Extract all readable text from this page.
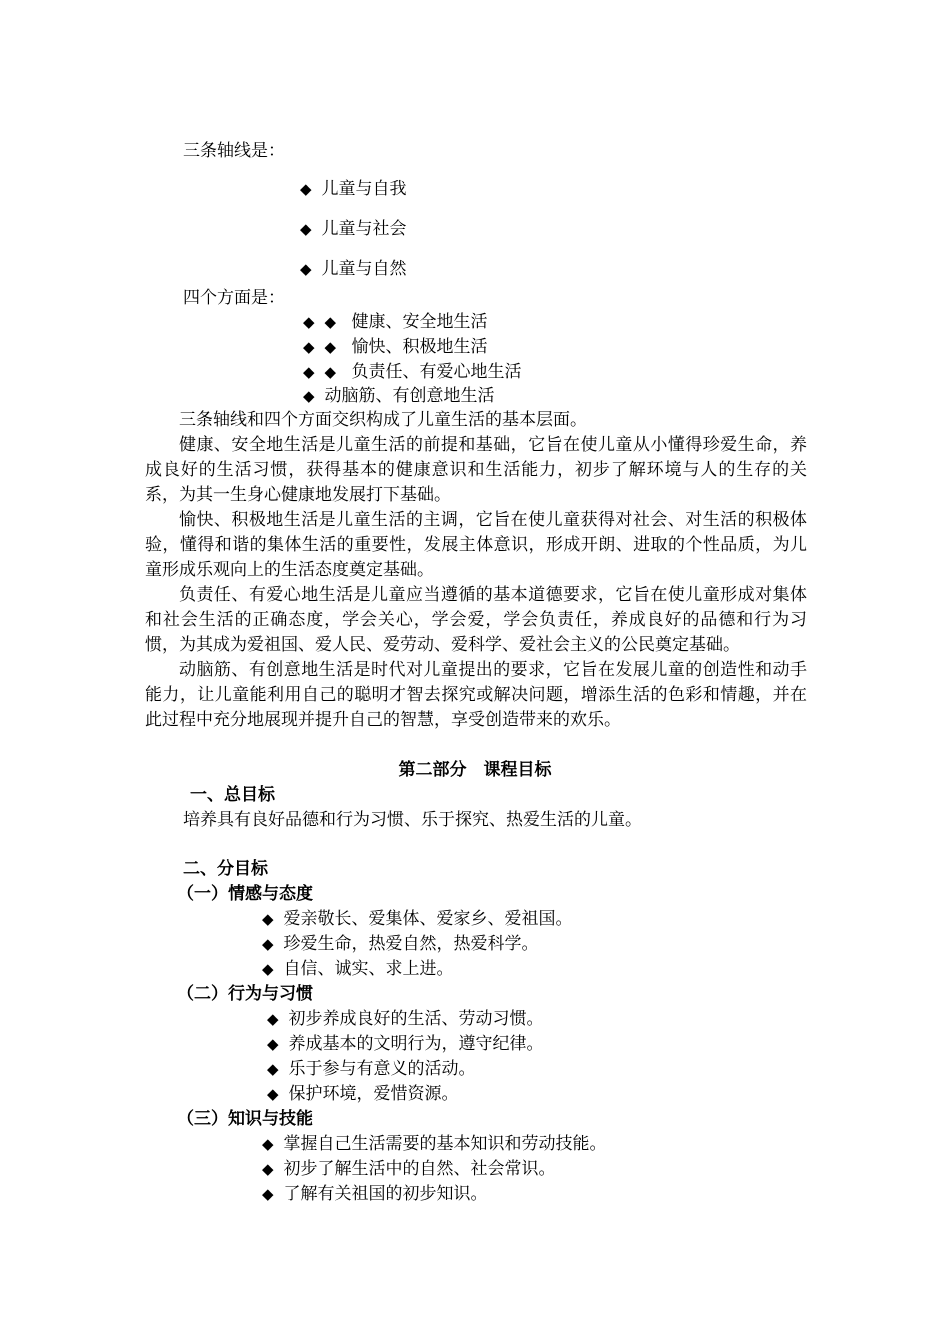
三条轴线是：
◆ 儿童与自我
◆ 儿童与社会
◆ 儿童与自然
四个方面是：
◆ ◆ 健康、安全地生活
◆ ◆ 愉快、积极地生活
◆ ◆ 负责任、有爱心地生活
◆ 动脑筋、有创意地生活

三条轴线和四个方面交织构成了儿童生活的基本层面。

健康、安全地生活是儿童生活的前提和基础，它旨在使儿童从小懂得珍爱生命，养成良好的生活习惯，获得基本的健康意识和生活能力，初步了解环境与人的生存的关系，为其一生身心健康地发展打下基础。

愉快、积极地生活是儿童生活的主调，它旨在使儿童获得对社会、对生活的积极体验，懂得和谐的集体生活的重要性，发展主体意识，形成开朗、进取的个性品质，为儿童形成乐观向上的生活态度奠定基础。

负责任、有爱心地生活是儿童应当遵循的基本道德要求，它旨在使儿童形成对集体和社会生活的正确态度，学会关心，学会爱，学会负责任，养成良好的品德和行为习惯，为其成为爱祖国、爱人民、爱劳动、爱科学、爱社会主义的公民奠定基础。

动脑筋、有创意地生活是时代对儿童提出的要求，它旨在发展儿童的创造性和动手能力，让儿童能利用自己的聪明才智去探究或解决问题，增添生活的色彩和情趣，并在此过程中充分地展现并提升自己的智慧，享受创造带来的欢乐。

第二部分　课程目标
一、总目标
培养具有良好品德和行为习惯、乐于探究、热爱生活的儿童。
二、分目标
（一）情感与态度
◆ 爱亲敬长、爱集体、爱家乡、爱祖国。
◆ 珍爱生命，热爱自然，热爱科学。
◆ 自信、诚实、求上进。
（二）行为与习惯
◆ 初步养成良好的生活、劳动习惯。
◆ 养成基本的文明行为，遵守纪律。
◆ 乐于参与有意义的活动。
◆ 保护环境，爱惜资源。
（三）知识与技能
◆ 掌握自己生活需要的基本知识和劳动技能。
◆ 初步了解生活中的自然、社会常识。
◆ 了解有关祖国的初步知识。
